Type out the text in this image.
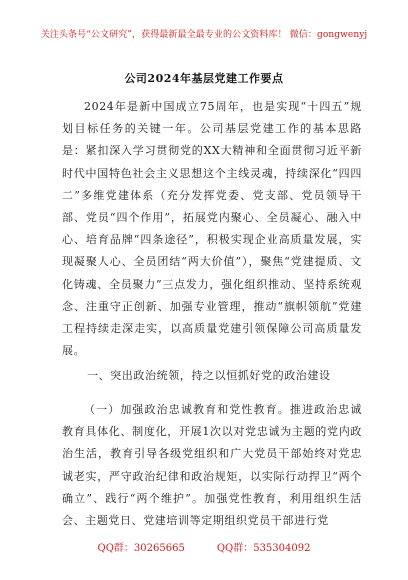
关注头条号“公文研究”，获得最新最全最专业的公文资料库！ 微信：gongwenyj
公司2024年基层党建工作要点

2024年是新中国成立75周年，也是实现“十四五”规划目标任务的关键一年。公司基层党建工作的基本思路是：紧扣深入学习贯彻党的XX大精神和全面贯彻习近平新时代中国特色社会主义思想这个主线灵魂，持续深化“四四二”多维党建体系（充分发挥党委、党支部、党员领导干部、党员“四个作用”，拓展党内聚心、全员凝心、融入中心、培育品牌“四条途径”，积极实现企业高质量发展，实现凝聚人心、全员团结“两大价值”），聚焦“党建提质、文化铸魂、全员聚力”三点发力，强化组织推动、坚持系统观念、注重守正创新、加强专业管理，推动“旗帜领航”党建工程持续走深走实，以高质量党建引领保障公司高质量发展。

一、突出政治统领，持之以恒抓好党的政治建设

（一）加强政治忠诚教育和党性教育。推进政治忠诚教育具体化、制度化，开展1次以对党忠诚为主题的党内政治生活，教育引导各级党组织和广大党员干部始终对党忠诚老实，严守政治纪律和政治规矩，以实际行动捍卫“两个确立”、践行“两个维护”。加强党性教育，利用组织生活会、主题党日、党建培训等定期组织党员干部进行党

QQ群：30265665	QQ群：535304092
